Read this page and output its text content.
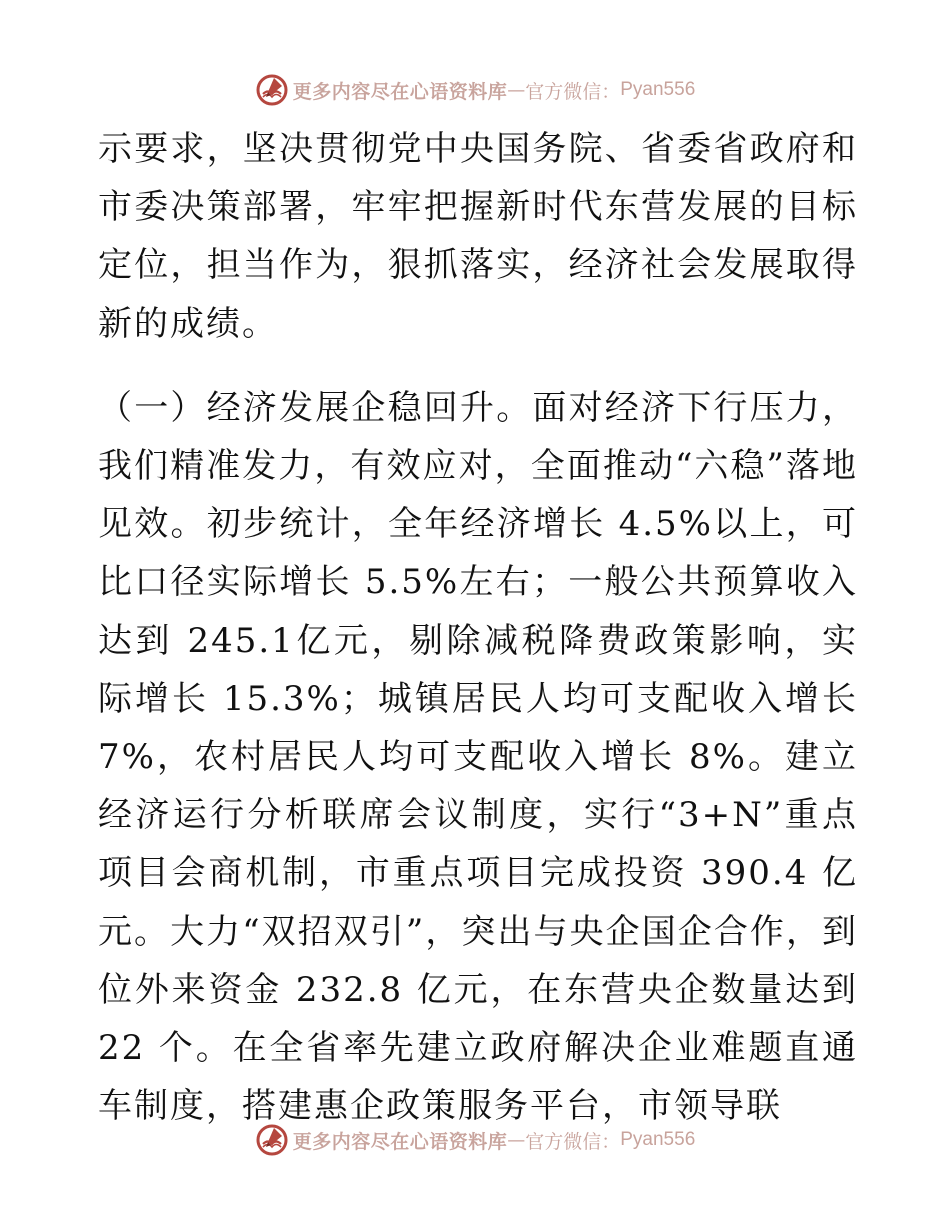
更多内容尽在心语资料库 — 官方微信： Pyan556

示要求，坚决贯彻党中央国务院、省委省政府和市委决策部署，牢牢把握新时代东营发展的目标定位，担当作为，狠抓落实，经济社会发展取得新的成绩。

（一）经济发展企稳回升。面对经济下行压力，我们精准发力，有效应对，全面推动“六稳”落地见效。初步统计，全年经济增长 4.5%以上，可比口径实际增长 5.5%左右；一般公共预算收入达到 245.1亿元，剔除减税降费政策影响，实际增长 15.3%；城镇居民人均可支配收入增长 7%，农村居民人均可支配收入增长 8%。建立经济运行分析联席会议制度，实行“3+N”重点项目会商机制，市重点项目完成投资 390.4 亿元。大力“双招双引”，突出与央企国企合作，到位外来资金 232.8 亿元，在东营央企数量达到 22 个。在全省率先建立政府解决企业难题直通车制度，搭建惠企政策服务平台，市领导联

更多内容尽在心语资料库 — 官方微信： Pyan556
